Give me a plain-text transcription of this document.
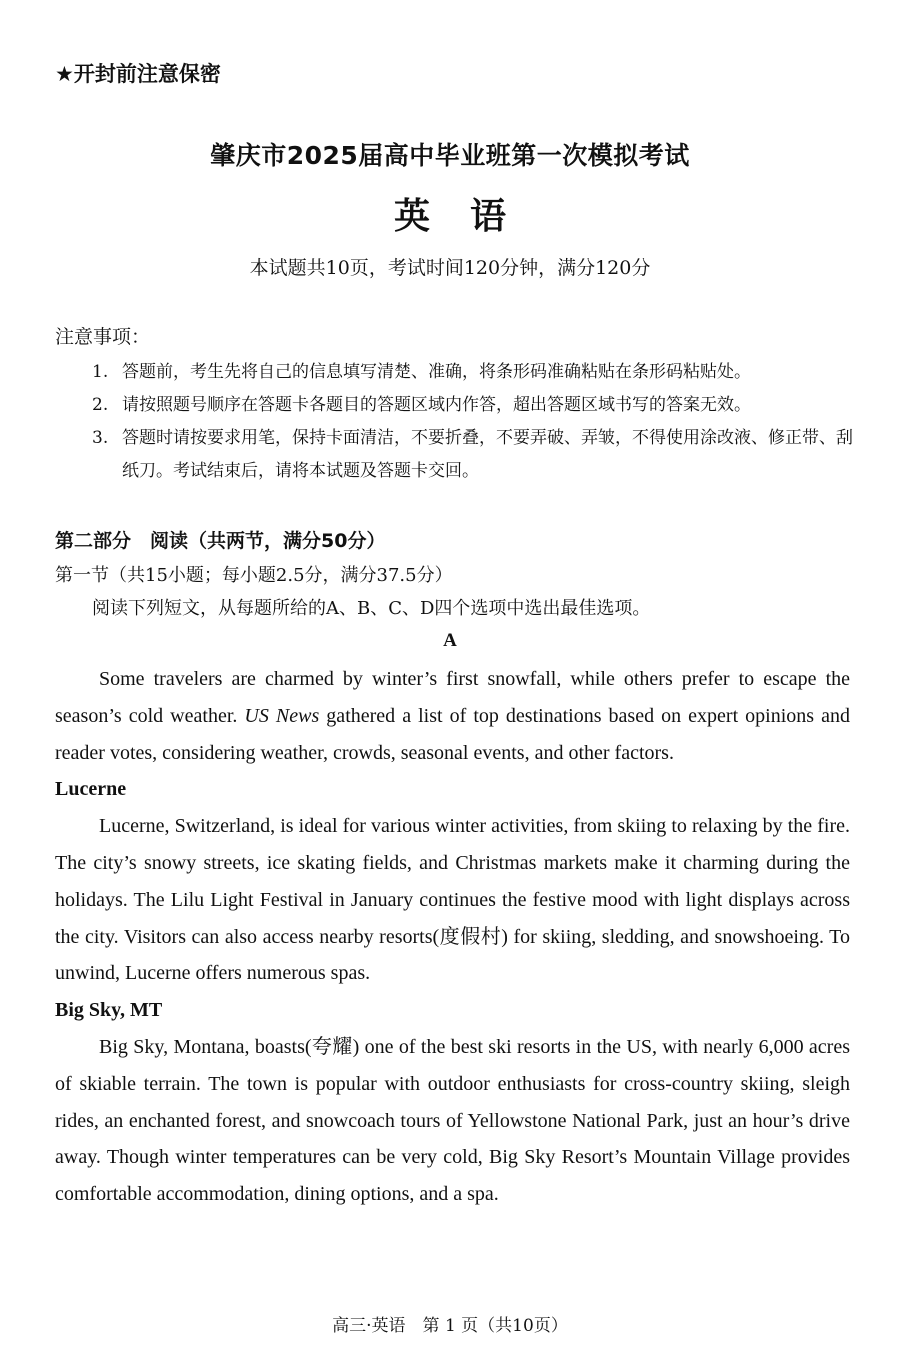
★开封前注意保密
肇庆市2025届高中毕业班第一次模拟考试
英语
本试题共10页，考试时间120分钟，满分120分
注意事项：
1. 答题前，考生先将自己的信息填写清楚、准确，将条形码准确粘贴在条形码粘贴处。
2. 请按照题号顺序在答题卡各题目的答题区域内作答，超出答题区域书写的答案无效。
3. 答题时请按要求用笔，保持卡面清洁，不要折叠，不要弄破、弄皱，不得使用涂改液、修正带、刮纸刀。考试结束后，请将本试题及答题卡交回。
第二部分　阅读（共两节，满分50分）
第一节（共15小题；每小题2.5分，满分37.5分）
阅读下列短文，从每题所给的A、B、C、D四个选项中选出最佳选项。
A

Some travelers are charmed by winter’s first snowfall, while others prefer to escape the season’s cold weather. US News gathered a list of top destinations based on expert opinions and reader votes, considering weather, crowds, seasonal events, and other factors.

Lucerne

Lucerne, Switzerland, is ideal for various winter activities, from skiing to relaxing by the fire. The city’s snowy streets, ice skating fields, and Christmas markets make it charming during the holidays. The Lilu Light Festival in January continues the festive mood with light displays across the city. Visitors can also access nearby resorts(度假村) for skiing, sledding, and snowshoeing. To unwind, Lucerne offers numerous spas.

Big Sky, MT

Big Sky, Montana, boasts(夸耀) one of the best ski resorts in the US, with nearly 6,000 acres of skiable terrain. The town is popular with outdoor enthusiasts for cross-country skiing, sleigh rides, an enchanted forest, and snowcoach tours of Yellowstone National Park, just an hour’s drive away. Though winter temperatures can be very cold, Big Sky Resort’s Mountain Village provides comfortable accommodation, dining options, and a spa.

高三·英语　第 1 页（共10页）
